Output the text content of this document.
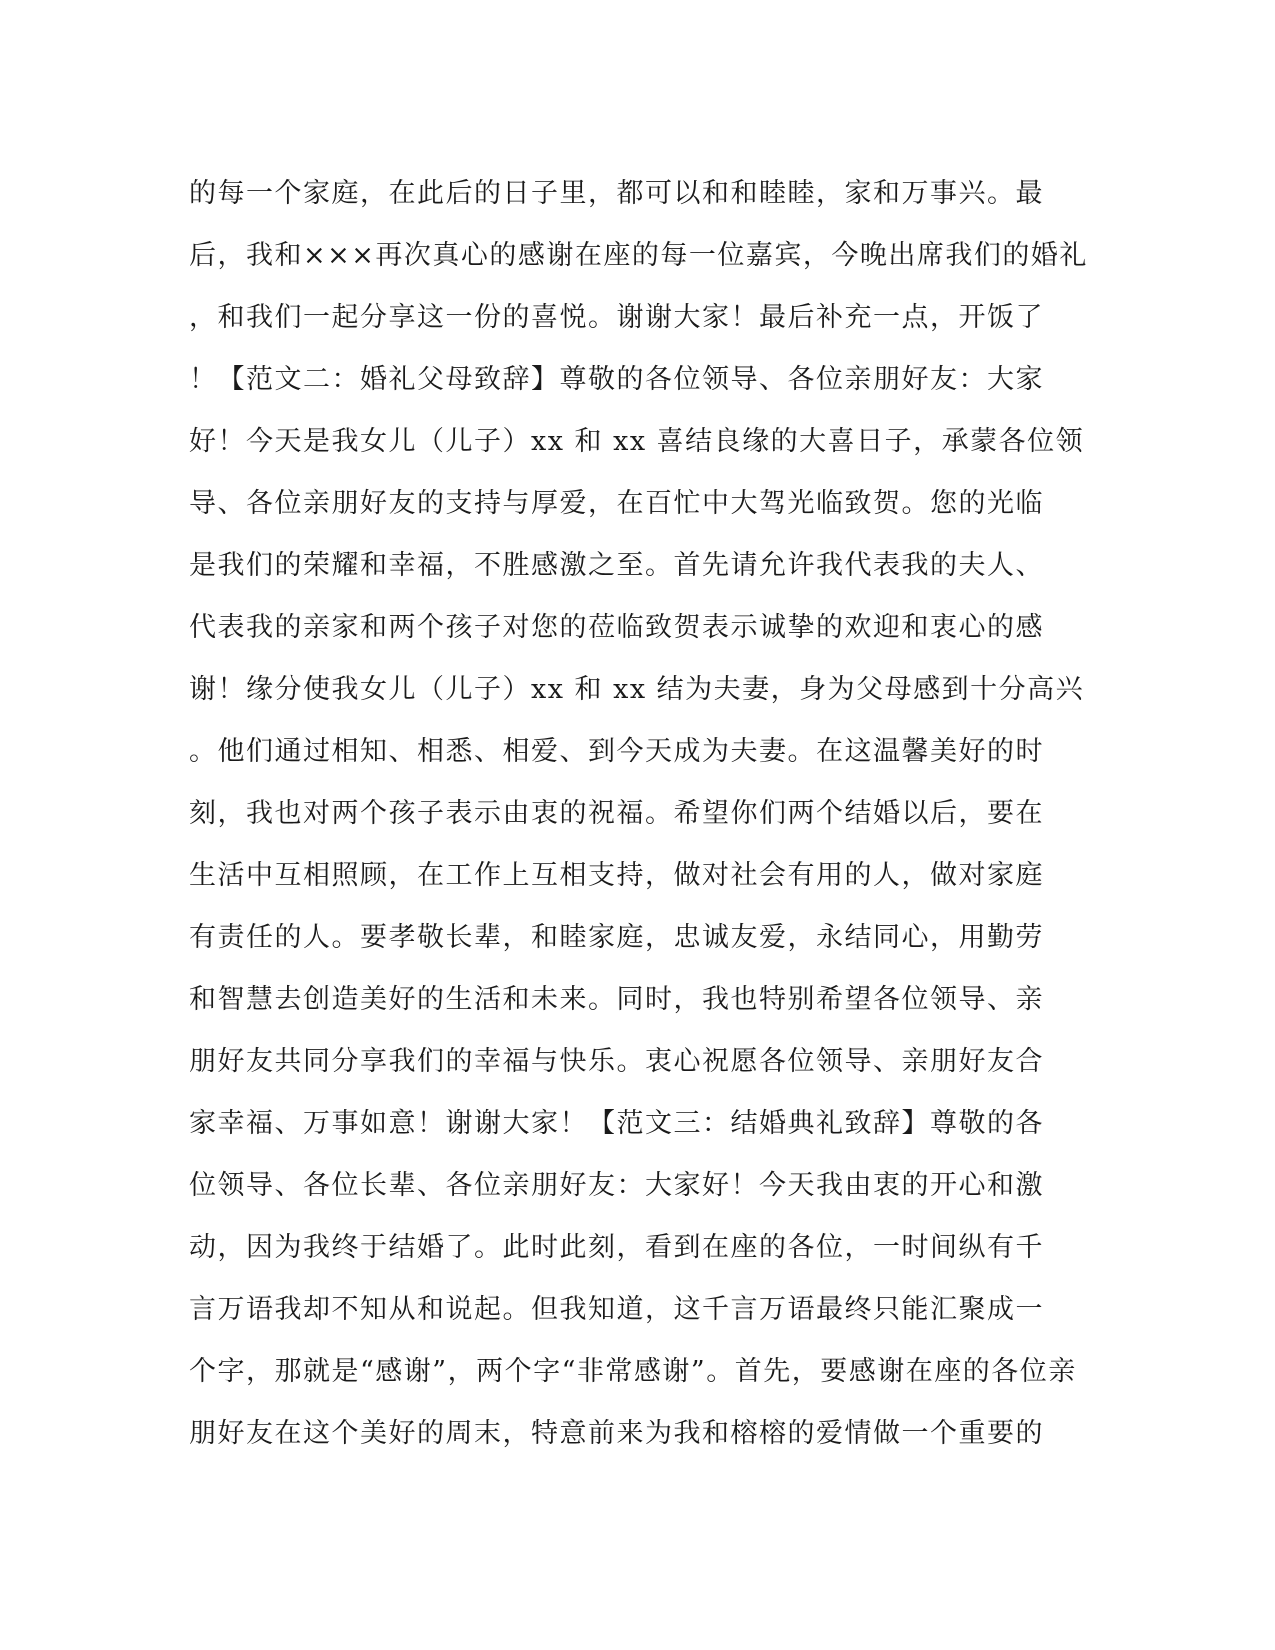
的每一个家庭，在此后的日子里，都可以和和睦睦，家和万事兴。最
后，我和×××再次真心的感谢在座的每一位嘉宾，今晚出席我们的婚礼
，和我们一起分享这一份的喜悦。谢谢大家！最后补充一点，开饭了
！【范文二：婚礼父母致辞】尊敬的各位领导、各位亲朋好友：大家
好！今天是我女儿（儿子）xx 和 xx 喜结良缘的大喜日子，承蒙各位领
导、各位亲朋好友的支持与厚爱，在百忙中大驾光临致贺。您的光临
是我们的荣耀和幸福，不胜感激之至。首先请允许我代表我的夫人、
代表我的亲家和两个孩子对您的莅临致贺表示诚挚的欢迎和衷心的感
谢！缘分使我女儿（儿子）xx 和 xx 结为夫妻，身为父母感到十分高兴
。他们通过相知、相悉、相爱、到今天成为夫妻。在这温馨美好的时
刻，我也对两个孩子表示由衷的祝福。希望你们两个结婚以后，要在
生活中互相照顾，在工作上互相支持，做对社会有用的人，做对家庭
有责任的人。要孝敬长辈，和睦家庭，忠诚友爱，永结同心，用勤劳
和智慧去创造美好的生活和未来。同时，我也特别希望各位领导、亲
朋好友共同分享我们的幸福与快乐。衷心祝愿各位领导、亲朋好友合
家幸福、万事如意！谢谢大家！【范文三：结婚典礼致辞】尊敬的各
位领导、各位长辈、各位亲朋好友：大家好！今天我由衷的开心和激
动，因为我终于结婚了。此时此刻，看到在座的各位，一时间纵有千
言万语我却不知从和说起。但我知道，这千言万语最终只能汇聚成一
个字，那就是“感谢”，两个字“非常感谢”。首先，要感谢在座的各位亲
朋好友在这个美好的周末，特意前来为我和榕榕的爱情做一个重要的
